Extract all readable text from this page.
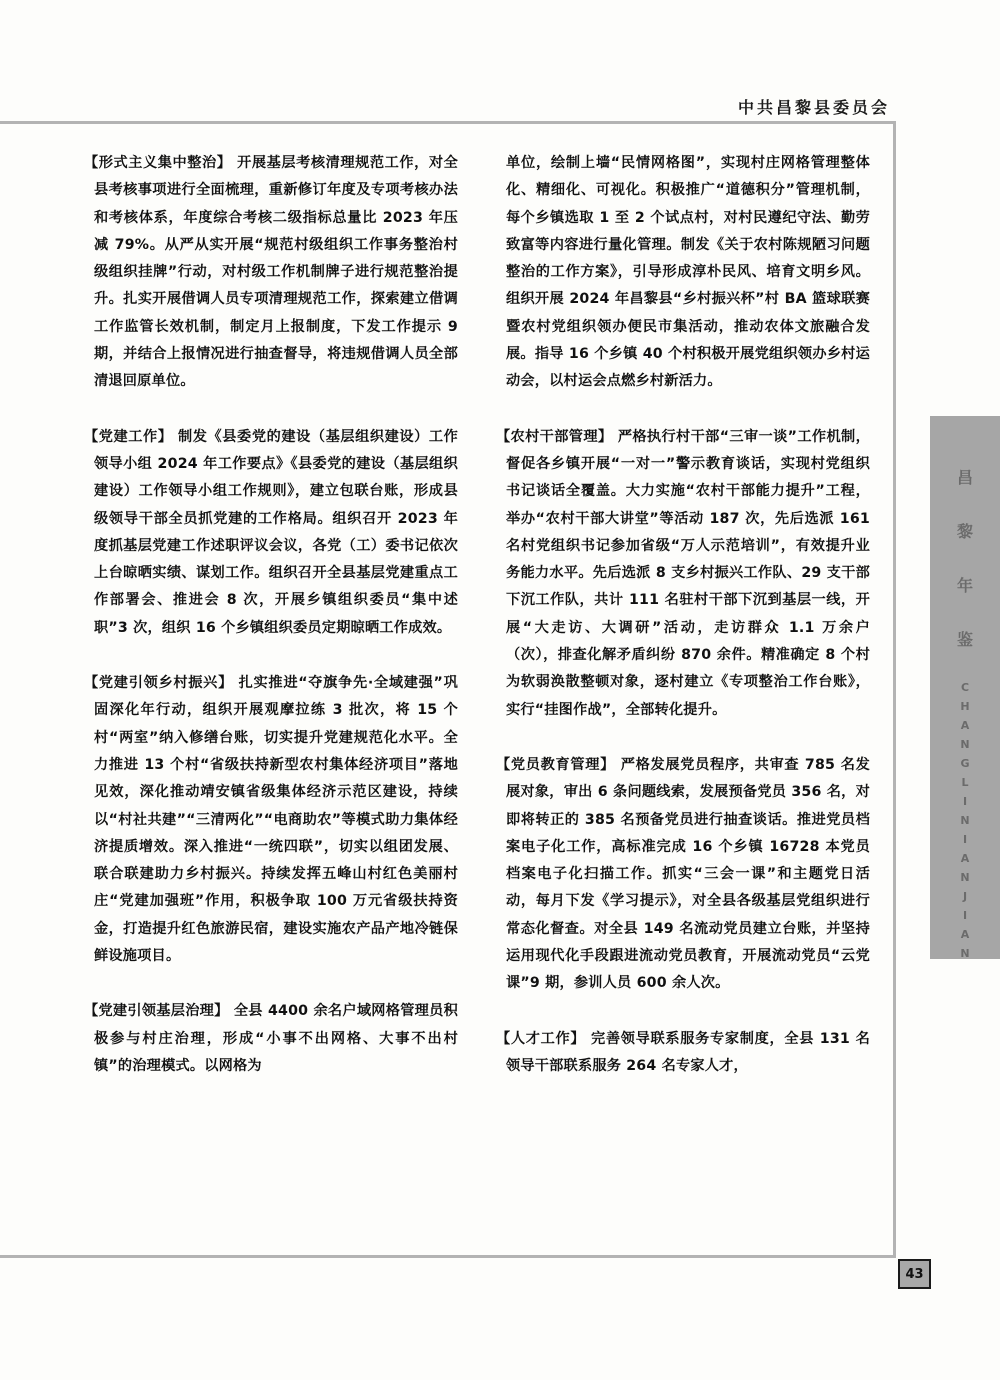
中共昌黎县委员会

【形式主义集中整治】 开展基层考核清理规范工作，对全县考核事项进行全面梳理，重新修订年度及专项考核办法和考核体系，年度综合考核二级指标总量比 2023 年压减 79%。从严从实开展“规范村级组织工作事务整治村级组织挂牌”行动，对村级工作机制牌子进行规范整治提升。扎实开展借调人员专项清理规范工作，探索建立借调工作监管长效机制，制定月上报制度，下发工作提示 9 期，并结合上报情况进行抽查督导，将违规借调人员全部清退回原单位。

【党建工作】 制发《县委党的建设（基层组织建设）工作领导小组 2024 年工作要点》《县委党的建设（基层组织建设）工作领导小组工作规则》，建立包联台账，形成县级领导干部全员抓党建的工作格局。组织召开 2023 年度抓基层党建工作述职评议会议，各党（工）委书记依次上台晾晒实绩、谋划工作。组织召开全县基层党建重点工作部署会、推进会 8 次，开展乡镇组织委员“集中述职”3 次，组织 16 个乡镇组织委员定期晾晒工作成效。

【党建引领乡村振兴】 扎实推进“夺旗争先·全域建强”巩固深化年行动，组织开展观摩拉练 3 批次，将 15 个村“两室”纳入修缮台账，切实提升党建规范化水平。全力推进 13 个村“省级扶持新型农村集体经济项目”落地见效，深化推动靖安镇省级集体经济示范区建设，持续以“村社共建”“三清两化”“电商助农”等模式助力集体经济提质增效。深入推进“一统四联”，切实以组团发展、联合联建助力乡村振兴。持续发挥五峰山村红色美丽村庄“党建加强班”作用，积极争取 100 万元省级扶持资金，打造提升红色旅游民宿，建设实施农产品产地冷链保鲜设施项目。

【党建引领基层治理】 全县 4400 余名户域网格管理员积极参与村庄治理，形成“小事不出网格、大事不出村镇”的治理模式。以网格为

单位，绘制上墙“民情网格图”，实现村庄网格管理整体化、精细化、可视化。积极推广“道德积分”管理机制，每个乡镇选取 1 至 2 个试点村，对村民遵纪守法、勤劳致富等内容进行量化管理。制发《关于农村陈规陋习问题整治的工作方案》，引导形成淳朴民风、培育文明乡风。组织开展 2024 年昌黎县“乡村振兴杯”村 BA 篮球联赛暨农村党组织领办便民市集活动，推动农体文旅融合发展。指导 16 个乡镇 40 个村积极开展党组织领办乡村运动会，以村运会点燃乡村新活力。

【农村干部管理】 严格执行村干部“三审一谈”工作机制，督促各乡镇开展“一对一”警示教育谈话，实现村党组织书记谈话全覆盖。大力实施“农村干部能力提升”工程，举办“农村干部大讲堂”等活动 187 次，先后选派 161 名村党组织书记参加省级“万人示范培训”，有效提升业务能力水平。先后选派 8 支乡村振兴工作队、29 支干部下沉工作队，共计 111 名驻村干部下沉到基层一线，开展“大走访、大调研”活动，走访群众 1.1 万余户（次），排查化解矛盾纠纷 870 余件。精准确定 8 个村为软弱涣散整顿对象，逐村建立《专项整治工作台账》，实行“挂图作战”，全部转化提升。

【党员教育管理】 严格发展党员程序，共审查 785 名发展对象，审出 6 条问题线索，发展预备党员 356 名，对即将转正的 385 名预备党员进行抽查谈话。推进党员档案电子化工作，高标准完成 16 个乡镇 16728 本党员档案电子化扫描工作。抓实“三会一课”和主题党日活动，每月下发《学习提示》，对全县各级基层党组织进行常态化督查。对全县 149 名流动党员建立台账，并坚持运用现代化手段跟进流动党员教育，开展流动党员“云党课”9 期，参训人员 600 余人次。

【人才工作】 完善领导联系服务专家制度，全县 131 名领导干部联系服务 264 名专家人才，

昌
黎
年
鉴
C
H
A
N
G
L
I
N
I
A
N
J
I
A
N
43
